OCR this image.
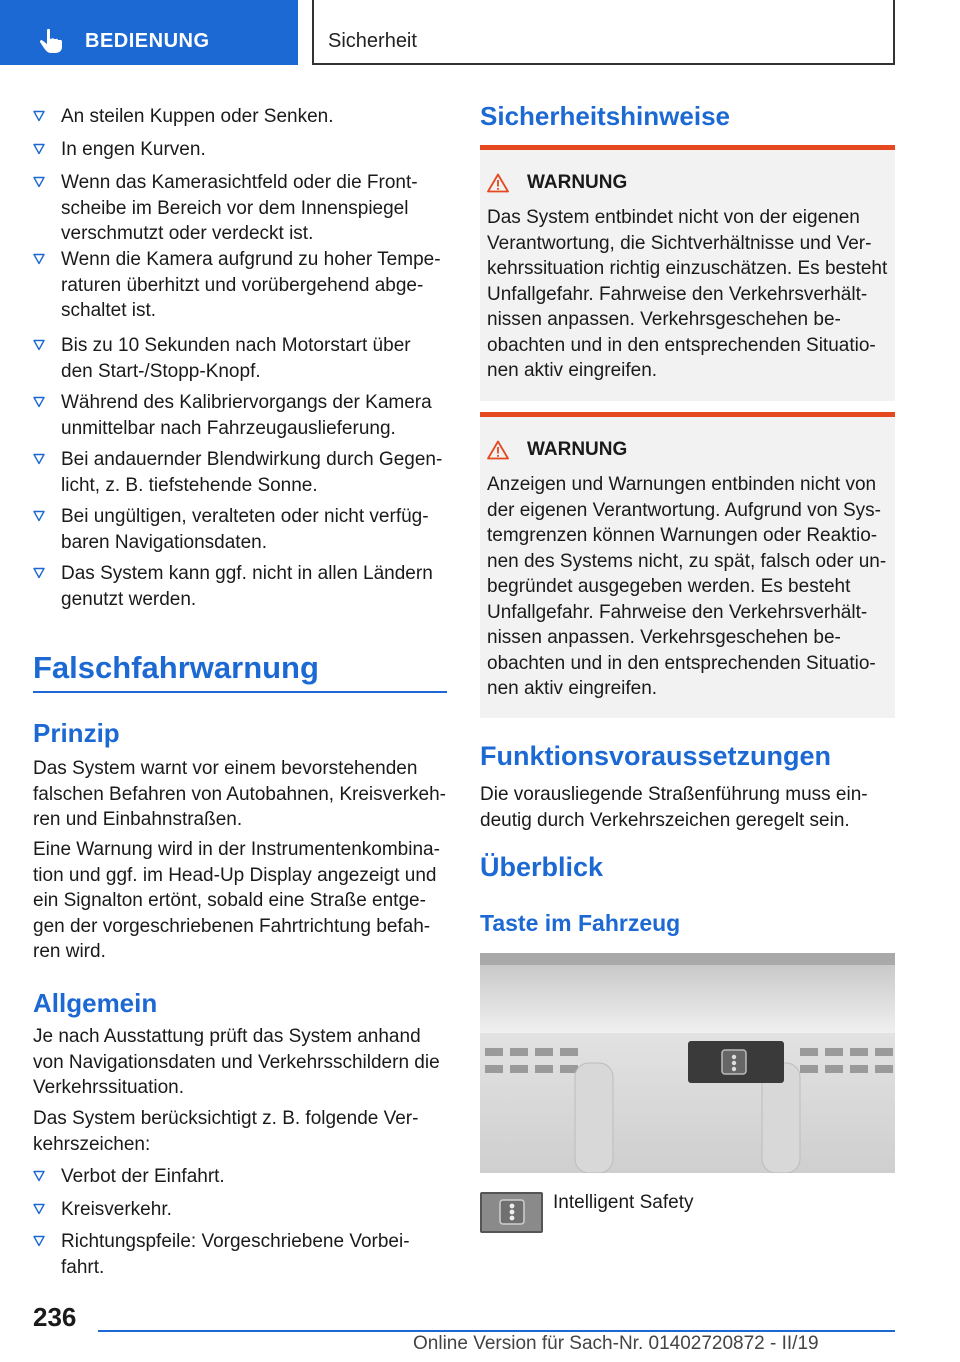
BEDIENUNG	Sicherheit
An steilen Kuppen oder Senken.
In engen Kurven.
Wenn das Kamerasichtfeld oder die Front-
scheibe im Bereich vor dem Innenspiegel
verschmutzt oder verdeckt ist.
Wenn die Kamera aufgrund zu hoher Tempe-
raturen überhitzt und vorübergehend abge-
schaltet ist.
Bis zu 10 Sekunden nach Motorstart über
den Start-/Stopp-Knopf.
Während des Kalibriervorgangs der Kamera
unmittelbar nach Fahrzeugauslieferung.
Bei andauernder Blendwirkung durch Gegen-
licht, z. B. tiefstehende Sonne.
Bei ungültigen, veralteten oder nicht verfüg-
baren Navigationsdaten.
Das System kann ggf. nicht in allen Ländern
genutzt werden.
Falschfahrwarnung
Prinzip
Das System warnt vor einem bevorstehenden
falschen Befahren von Autobahnen, Kreisverkeh-
ren und Einbahnstraßen.
Eine Warnung wird in der Instrumentenkombina-
tion und ggf. im Head-Up Display angezeigt und
ein Signalton ertönt, sobald eine Straße entge-
gen der vorgeschriebenen Fahrtrichtung befah-
ren wird.
Allgemein
Je nach Ausstattung prüft das System anhand
von Navigationsdaten und Verkehrsschildern die
Verkehrssituation.
Das System berücksichtigt z. B. folgende Ver-
kehrszeichen:
Verbot der Einfahrt.
Kreisverkehr.
Richtungspfeile: Vorgeschriebene Vorbei-
fahrt.
Sicherheitshinweise
WARNUNG
Das System entbindet nicht von der eigenen
Verantwortung, die Sichtverhältnisse und Ver-
kehrssituation richtig einzuschätzen. Es besteht
Unfallgefahr. Fahrweise den Verkehrsverhält-
nissen anpassen. Verkehrsgeschehen be-
obachten und in den entsprechenden Situatio-
nen aktiv eingreifen.
WARNUNG
Anzeigen und Warnungen entbinden nicht von
der eigenen Verantwortung. Aufgrund von Sys-
temgrenzen können Warnungen oder Reaktio-
nen des Systems nicht, zu spät, falsch oder un-
begründet ausgegeben werden. Es besteht
Unfallgefahr. Fahrweise den Verkehrsverhält-
nissen anpassen. Verkehrsgeschehen be-
obachten und in den entsprechenden Situatio-
nen aktiv eingreifen.
Funktionsvoraussetzungen
Die vorausliegende Straßenführung muss ein-
deutig durch Verkehrszeichen geregelt sein.
Überblick
Taste im Fahrzeug
Intelligent Safety
236
Online Version für Sach-Nr. 01402720872 - II/19
